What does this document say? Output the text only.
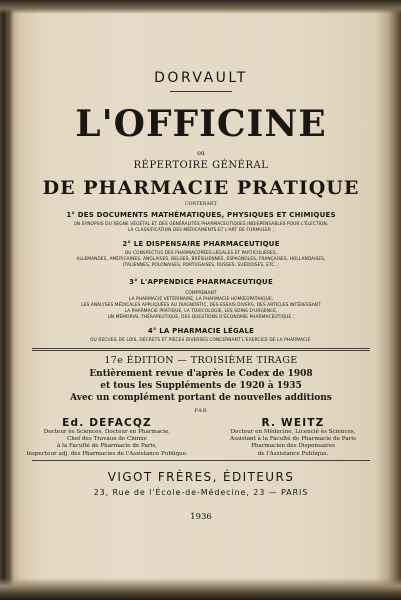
DORVAULT
L'OFFICINE
ou
RÉPERTOIRE GÉNÉRAL
DE PHARMACIE PRATIQUE
CONTENANT
1° DES DOCUMENTS MATHÉMATIQUES, PHYSIQUES ET CHIMIQUES
UN SYNOPSIS DU RÈGNE VÉGÉTAL ET DES GÉNÉRALITÉS PHARMACEUTIQUES INDISPENSABLES POUR L'ÉLECTION,
LA CLASSIFICATION DES MÉDICAMENTS ET L'ART DE FORMULER ;
2° LE DISPENSAIRE PHARMACEUTIQUE
OU CONSPECTUS DES PHARMACOPÉES LÉGALES ET PARTICULIÈRES,
ALLEMANDES, AMÉRICAINES, ANGLAISES, BELGES, BRÉSILIENNES, ESPAGNOLES, FRANÇAISES, HOLLANDAISES,
ITALIENNES, POLONAISES, PORTUGAISES, RUSSES, SUÉDOISES, ETC. ;
3° L'APPENDICE PHARMACEUTIQUE
COMPRENANT
LA PHARMACIE VÉTÉRINAIRE, LA PHARMACIE HOMŒOPATHIQUE,
LES ANALYSES MÉDICALES APPLIQUÉES AU DIAGNOSTIC, DES ESSAIS DIVERS, DES ARTICLES INTÉRESSANT
LA PHARMACIE PRATIQUE, LA TOXICOLOGIE, LES SOINS D'URGENCE,
UN MÉMORIAL THÉRAPEUTIQUE, DES QUESTIONS D'ÉCONOMIE PHARMACEUTIQUE ;
4° LA PHARMACIE LÉGALE
OU RECUEIL DE LOIS, DÉCRETS ET PIÈCES DIVERSES CONCERNANT L'EXERCICE DE LA PHARMACIE.
17e ÉDITION — TROISIÈME TIRAGE
Entièrement revue d'après le Codex de 1908
et tous les Suppléments de 1920 à 1935
Avec un complément portant de nouvelles additions
PAR
Ed. DEFACQZ
Docteur ès Sciences, Docteur en Pharmacie,
Chef des Travaux de Chimie
à la Faculté de Pharmacie de Paris,
Inspecteur adj. des Pharmacies de l'Assistance Publique.
R. WEITZ
Docteur en Médecine, Licencié ès Sciences,
Assistant à la Faculté de Pharmacie de Paris
Pharmacien des Dispensaires
de l'Assistance Publique.
VIGOT FRÈRES, ÉDITEURS
23, Rue de l'École-de-Médecine, 23 — PARIS
1936
